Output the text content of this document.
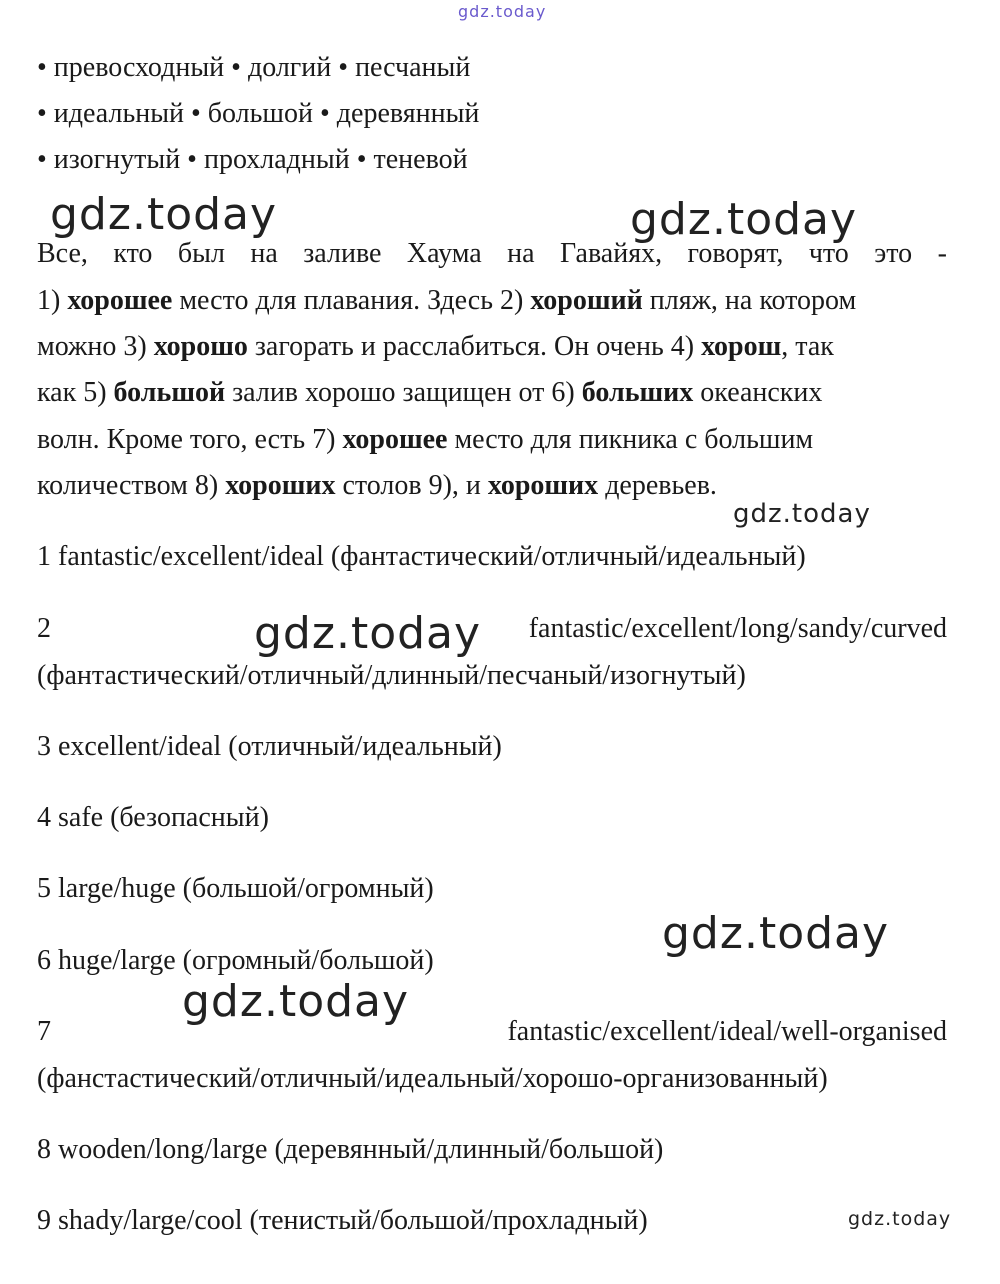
gdz.today
• превосходный • долгий • песчаный
• идеальный • большой • деревянный
• изогнутый • прохладный • теневой
gdz.today	gdz.today
Все, кто был на заливе Хаума на Гавайях, говорят, что это -
1) хорошее место для плавания. Здесь 2) хороший пляж, на котором
можно 3) хорошо загорать и расслабиться. Он очень 4) хорош, так
как 5) большой залив хорошо защищен от 6) больших океанских
волн. Кроме того, есть 7) хорошее место для пикника с большим
количеством 8) хороших столов 9), и хороших деревьев.
gdz.today
1 fantastic/excellent/ideal (фантастический/отличный/идеальный)
2	gdz.today fantastic/excellent/long/sandy/curved
(фантастический/отличный/длинный/песчаный/изогнутый)
3 excellent/ideal (отличный/идеальный)
4 safe (безопасный)
5 large/huge (большой/огромный)
gdz.today
6 huge/large (огромный/большой)
gdz.today
7	fantastic/excellent/ideal/well-organised
(фанстастический/отличный/идеальный/хорошо-организованный)
8 wooden/long/large (деревянный/длинный/большой)
9 shady/large/cool (тенистый/большой/прохладный)	gdz.today
